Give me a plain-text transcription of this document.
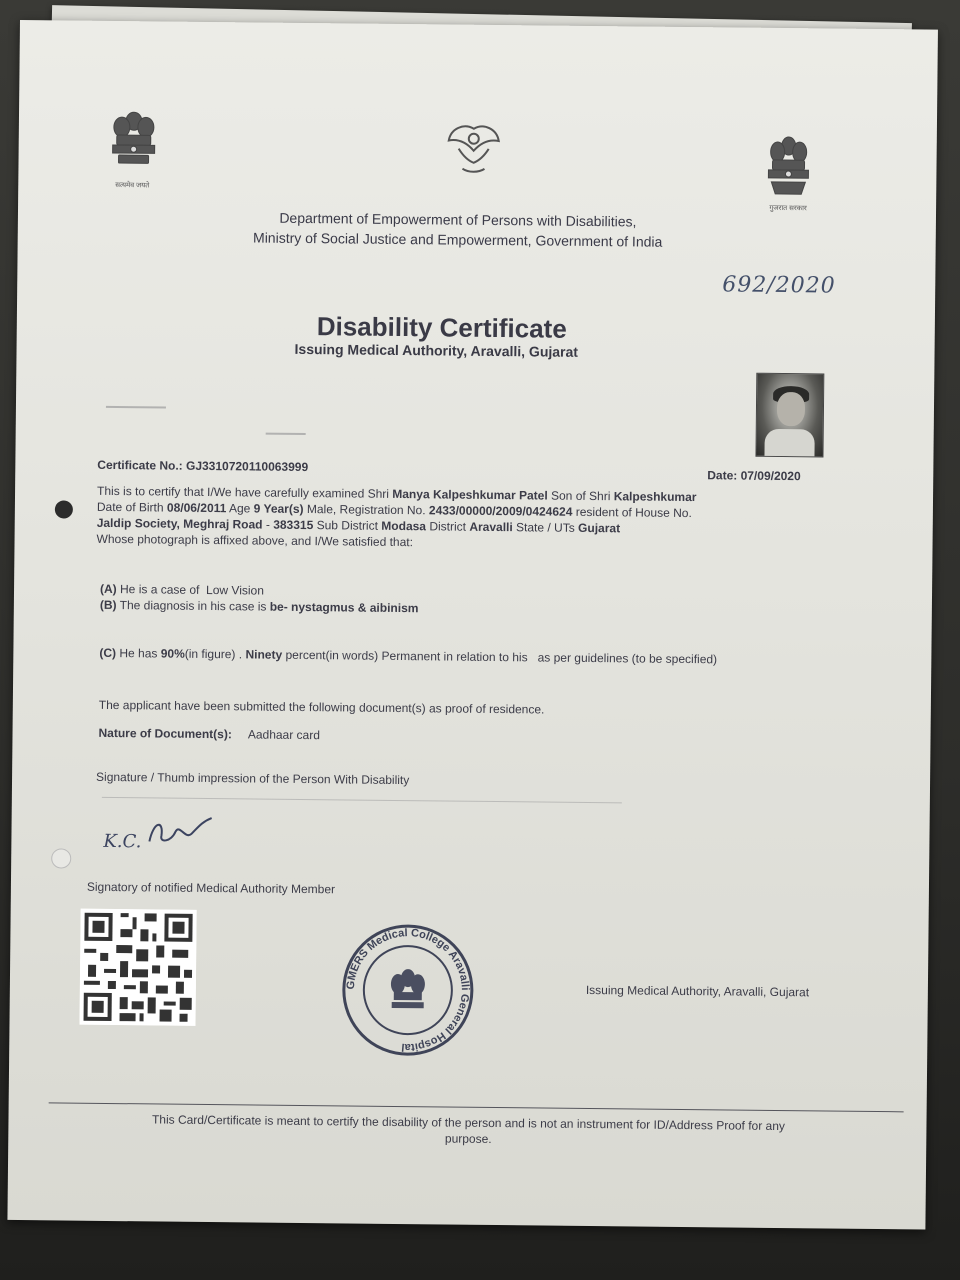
सत्यमेव जयते
गुजरात सरकार
Department of Empowerment of Persons with Disabilities,
Ministry of Social Justice and Empowerment, Government of India
692/2020
Disability Certificate
Issuing Medical Authority, Aravalli, Gujarat
Certificate No.: GJ3310720110063999
Date: 07/09/2020
This is to certify that I/We have carefully examined Shri Manya Kalpeshkumar Patel Son of Shri Kalpeshkumar
Date of Birth 08/06/2011 Age 9 Year(s) Male, Registration No. 2433/00000/2009/0424624 resident of House No.
Jaldip Society, Meghraj Road - 383315 Sub District Modasa District Aravalli State / UTs Gujarat
Whose photograph is affixed above, and I/We satisfied that:
(A) He is a case of Low Vision
(B) The diagnosis in his case is be- nystagmus & aibinism
(C) He has 90%(in figure) . Ninety percent(in words) Permanent in relation to his as per guidelines (to be specified)
The applicant have been submitted the following document(s) as proof of residence.
Nature of Document(s): Aadhaar card
Signature / Thumb impression of the Person With Disability
K.C.
Signatory of notified Medical Authority Member
GMERS Medical College Aravalli General Hospital
Issuing Medical Authority, Aravalli, Gujarat
This Card/Certificate is meant to certify the disability of the person and is not an instrument for ID/Address Proof for any
purpose.
